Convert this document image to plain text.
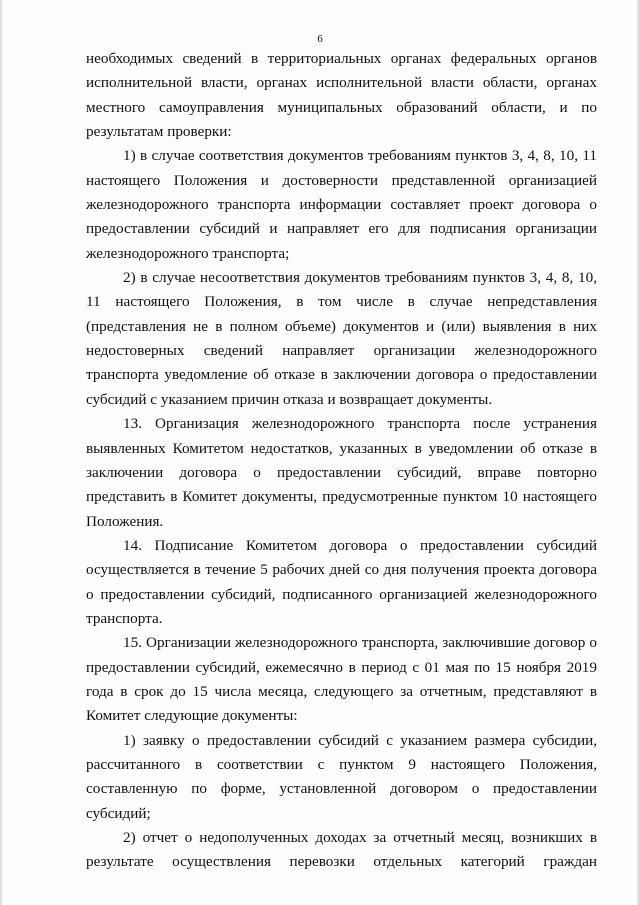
6

необходимых сведений в территориальных органах федеральных органов исполнительной власти, органах исполнительной власти области, органах местного самоуправления муниципальных образований области, и по результатам проверки:

1) в случае соответствия документов требованиям пунктов 3, 4, 8, 10, 11 настоящего Положения и достоверности представленной организацией железнодорожного транспорта информации составляет проект договора о предоставлении субсидий и направляет его для подписания организации железнодорожного транспорта;

2) в случае несоответствия документов требованиям пунктов 3, 4, 8, 10, 11 настоящего Положения, в том числе в случае непредставления (представления не в полном объеме) документов и (или) выявления в них недостоверных сведений направляет организации железнодорожного транспорта уведомление об отказе в заключении договора о предоставлении субсидий с указанием причин отказа и возвращает документы.

13. Организация железнодорожного транспорта после устранения выявленных Комитетом недостатков, указанных в уведомлении об отказе в заключении договора о предоставлении субсидий, вправе повторно представить в Комитет документы, предусмотренные пунктом 10 настоящего Положения.

14. Подписание Комитетом договора о предоставлении субсидий осуществляется в течение 5 рабочих дней со дня получения проекта договора о предоставлении субсидий, подписанного организацией железнодорожного транспорта.

15. Организации железнодорожного транспорта, заключившие договор о предоставлении субсидий, ежемесячно в период с 01 мая по 15 ноября 2019 года в срок до 15 числа месяца, следующего за отчетным, представляют в Комитет следующие документы:

1) заявку о предоставлении субсидий с указанием размера субсидии, рассчитанного в соответствии с пунктом 9 настоящего Положения, составленную по форме, установленной договором о предоставлении субсидий;

2) отчет о недополученных доходах за отчетный месяц, возникших в результате осуществления перевозки отдельных категорий граждан
